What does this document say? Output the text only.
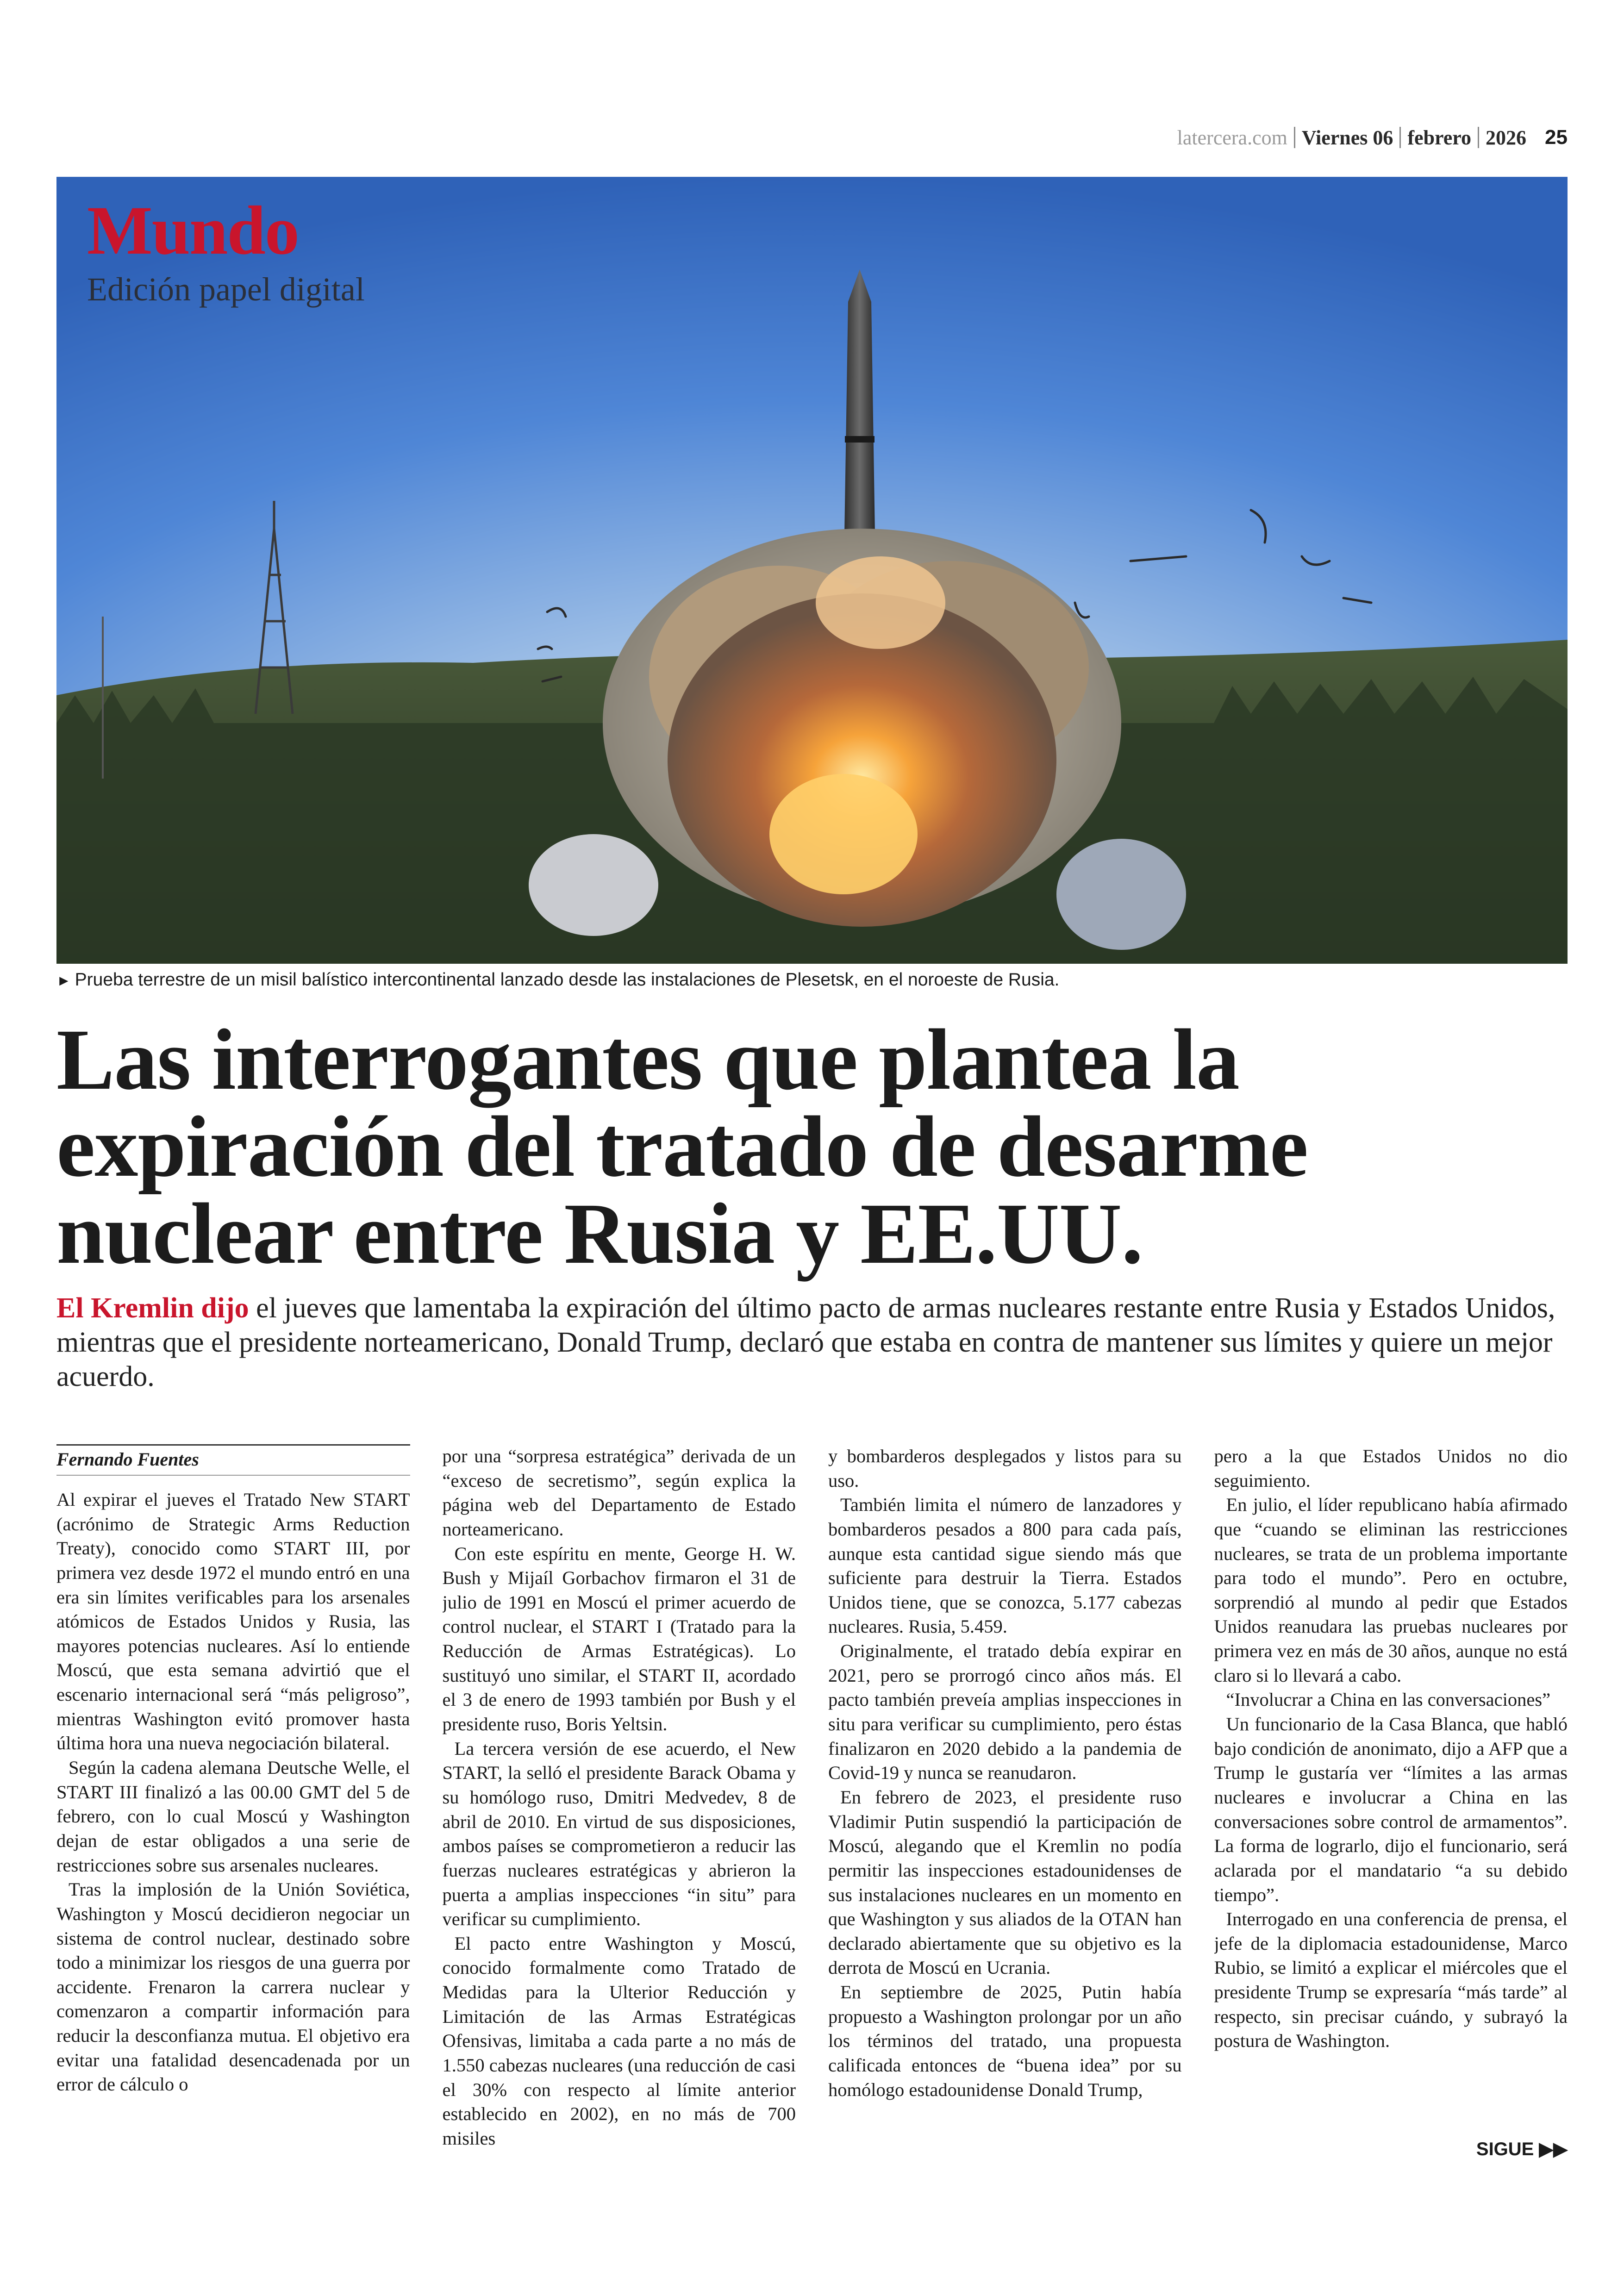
latercera.com Viernes 06 febrero 2026 25
Mundo
Edición papel digital
► Prueba terrestre de un misil balístico intercontinental lanzado desde las instalaciones de Plesetsk, en el noroeste de Rusia.
Las interrogantes que plantea la expiración del tratado de desarme nuclear entre Rusia y EE.UU.

El Kremlin dijo el jueves que lamentaba la expiración del último pacto de armas nucleares restante entre Rusia y Estados Unidos, mientras que el presidente norteamericano, Donald Trump, declaró que estaba en contra de mantener sus límites y quiere un mejor acuerdo.

Fernando Fuentes

Al expirar el jueves el Tratado New START (acrónimo de Strategic Arms Reduction Treaty), conocido como START III, por primera vez desde 1972 el mundo entró en una era sin límites verificables para los arsenales atómicos de Estados Unidos y Rusia, las mayores potencias nucleares. Así lo entiende Moscú, que esta semana advirtió que el escenario internacional será “más peligroso”, mientras Washington evitó promover hasta última hora una nueva negociación bilateral.

Según la cadena alemana Deutsche Welle, el START III finalizó a las 00.00 GMT del 5 de febrero, con lo cual Moscú y Washington dejan de estar obligados a una serie de restricciones sobre sus arsenales nucleares.

Tras la implosión de la Unión Soviética, Washington y Moscú decidieron negociar un sistema de control nuclear, destinado sobre todo a minimizar los riesgos de una guerra por accidente. Frenaron la carrera nuclear y comenzaron a compartir información para reducir la desconfianza mutua. El objetivo era evitar una fatalidad desencadenada por un error de cálculo o

por una “sorpresa estratégica” derivada de un “exceso de secretismo”, según explica la página web del Departamento de Estado norteamericano.

Con este espíritu en mente, George H. W. Bush y Mijaíl Gorbachov firmaron el 31 de julio de 1991 en Moscú el primer acuerdo de control nuclear, el START I (Tratado para la Reducción de Armas Estratégicas). Lo sustituyó uno similar, el START II, acordado el 3 de enero de 1993 también por Bush y el presidente ruso, Boris Yeltsin.

La tercera versión de ese acuerdo, el New START, la selló el presidente Barack Obama y su homólogo ruso, Dmitri Medvedev, 8 de abril de 2010. En virtud de sus disposiciones, ambos países se comprometieron a reducir las fuerzas nucleares estratégicas y abrieron la puerta a amplias inspecciones “in situ” para verificar su cumplimiento.

El pacto entre Washington y Moscú, conocido formalmente como Tratado de Medidas para la Ulterior Reducción y Limitación de las Armas Estratégicas Ofensivas, limitaba a cada parte a no más de 1.550 cabezas nucleares (una reducción de casi el 30% con respecto al límite anterior establecido en 2002), en no más de 700 misiles

y bombarderos desplegados y listos para su uso.

También limita el número de lanzadores y bombarderos pesados a 800 para cada país, aunque esta cantidad sigue siendo más que suficiente para destruir la Tierra. Estados Unidos tiene, que se conozca, 5.177 cabezas nucleares. Rusia, 5.459.

Originalmente, el tratado debía expirar en 2021, pero se prorrogó cinco años más. El pacto también preveía amplias inspecciones in situ para verificar su cumplimiento, pero éstas finalizaron en 2020 debido a la pandemia de Covid-19 y nunca se reanudaron.

En febrero de 2023, el presidente ruso Vladimir Putin suspendió la participación de Moscú, alegando que el Kremlin no podía permitir las inspecciones estadounidenses de sus instalaciones nucleares en un momento en que Washington y sus aliados de la OTAN han declarado abiertamente que su objetivo es la derrota de Moscú en Ucrania.

En septiembre de 2025, Putin había propuesto a Washington prolongar por un año los términos del tratado, una propuesta calificada entonces de “buena idea” por su homólogo estadounidense Donald Trump,

pero a la que Estados Unidos no dio seguimiento.

En julio, el líder republicano había afirmado que “cuando se eliminan las restricciones nucleares, se trata de un problema importante para todo el mundo”. Pero en octubre, sorprendió al mundo al pedir que Estados Unidos reanudara las pruebas nucleares por primera vez en más de 30 años, aunque no está claro si lo llevará a cabo.

“Involucrar a China en las conversaciones”

Un funcionario de la Casa Blanca, que habló bajo condición de anonimato, dijo a AFP que a Trump le gustaría ver “límites a las armas nucleares e involucrar a China en las conversaciones sobre control de armamentos”. La forma de lograrlo, dijo el funcionario, será aclarada por el mandatario “a su debido tiempo”.

Interrogado en una conferencia de prensa, el jefe de la diplomacia estadounidense, Marco Rubio, se limitó a explicar el miércoles que el presidente Trump se expresaría “más tarde” al respecto, sin precisar cuándo, y subrayó la postura de Washington.

SIGUE ▶▶
